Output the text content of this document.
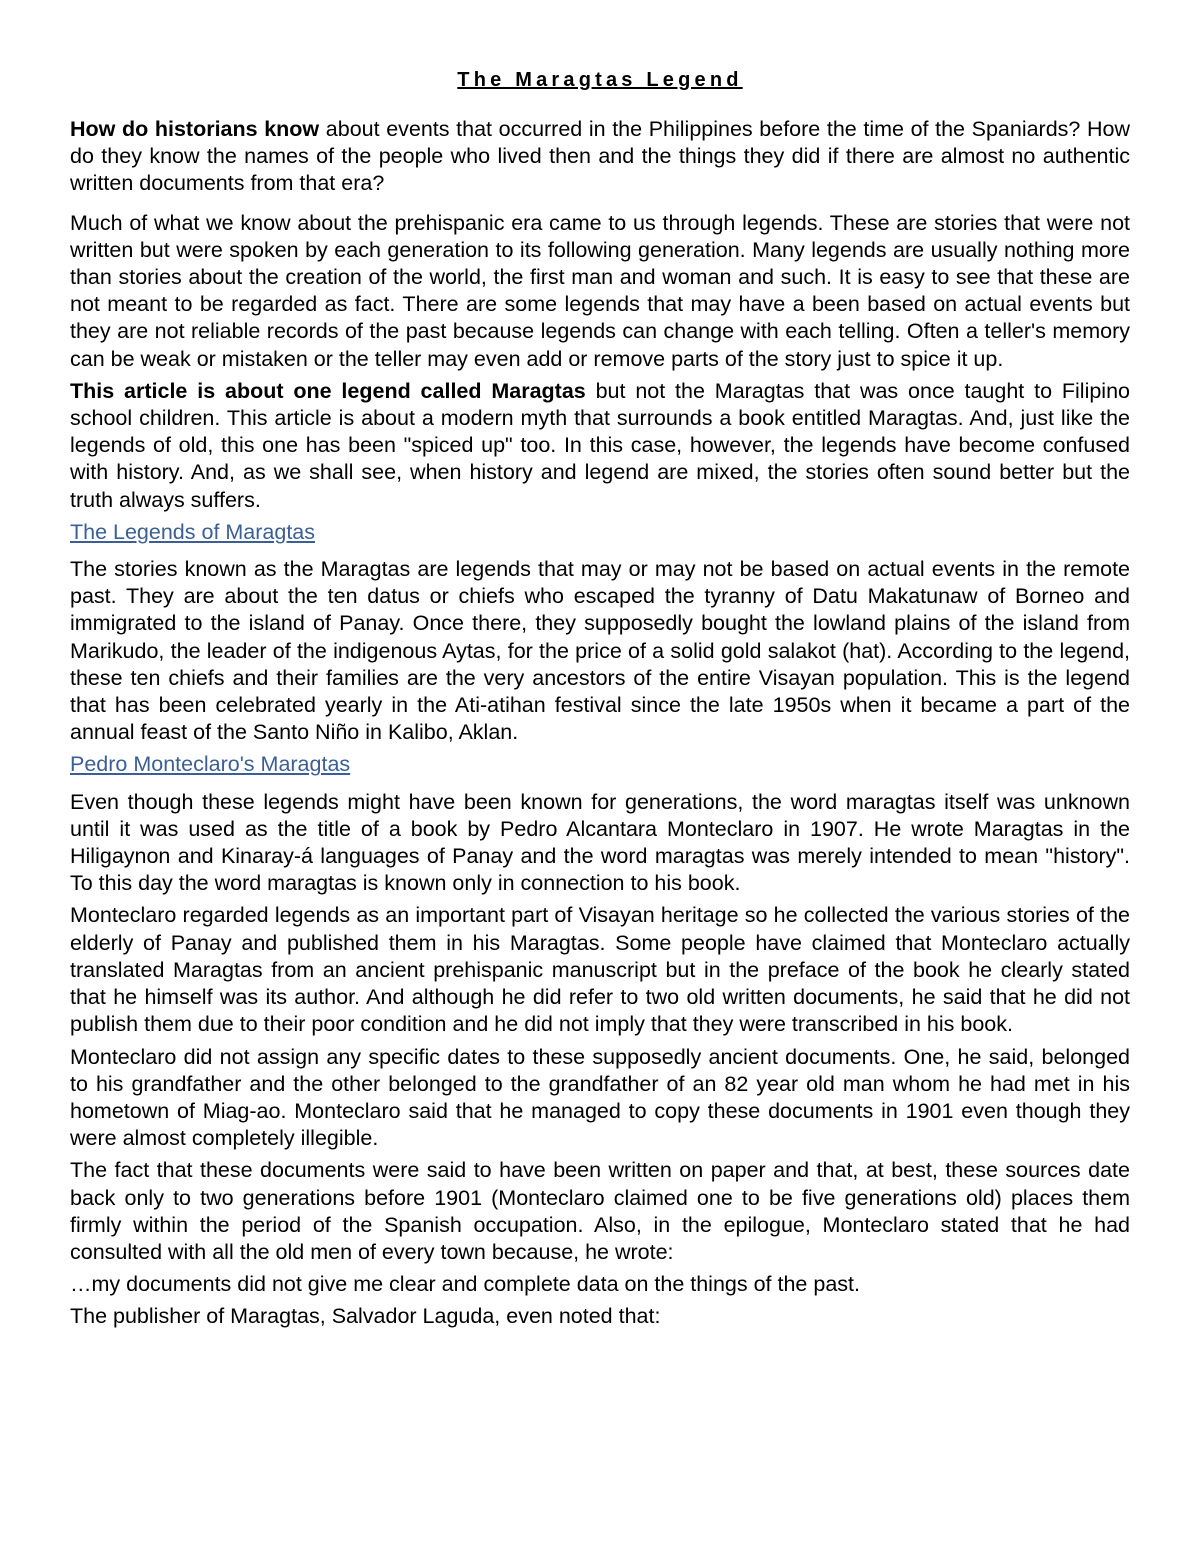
The Maragtas Legend

How do historians know about events that occurred in the Philippines before the time of the Spaniards? How do they know the names of the people who lived then and the things they did if there are almost no authentic written documents from that era?

Much of what we know about the prehispanic era came to us through legends. These are stories that were not written but were spoken by each generation to its following generation. Many legends are usually nothing more than stories about the creation of the world, the first man and woman and such. It is easy to see that these are not meant to be regarded as fact. There are some legends that may have a been based on actual events but they are not reliable records of the past because legends can change with each telling. Often a teller's memory can be weak or mistaken or the teller may even add or remove parts of the story just to spice it up.

This article is about one legend called Maragtas but not the Maragtas that was once taught to Filipino school children. This article is about a modern myth that surrounds a book entitled Maragtas. And, just like the legends of old, this one has been "spiced up" too. In this case, however, the legends have become confused with history. And, as we shall see, when history and legend are mixed, the stories often sound better but the truth always suffers.

The Legends of Maragtas

The stories known as the Maragtas are legends that may or may not be based on actual events in the remote past. They are about the ten datus or chiefs who escaped the tyranny of Datu Makatunaw of Borneo and immigrated to the island of Panay. Once there, they supposedly bought the lowland plains of the island from Marikudo, the leader of the indigenous Aytas, for the price of a solid gold salakot (hat). According to the legend, these ten chiefs and their families are the very ancestors of the entire Visayan population. This is the legend that has been celebrated yearly in the Ati-atihan festival since the late 1950s when it became a part of the annual feast of the Santo Niño in Kalibo, Aklan.

Pedro Monteclaro's Maragtas

Even though these legends might have been known for generations, the word maragtas itself was unknown until it was used as the title of a book by Pedro Alcantara Monteclaro in 1907. He wrote Maragtas in the Hiligaynon and Kinaray-á languages of Panay and the word maragtas was merely intended to mean "history". To this day the word maragtas is known only in connection to his book.

Monteclaro regarded legends as an important part of Visayan heritage so he collected the various stories of the elderly of Panay and published them in his Maragtas. Some people have claimed that Monteclaro actually translated Maragtas from an ancient prehispanic manuscript but in the preface of the book he clearly stated that he himself was its author. And although he did refer to two old written documents, he said that he did not publish them due to their poor condition and he did not imply that they were transcribed in his book.

Monteclaro did not assign any specific dates to these supposedly ancient documents. One, he said, belonged to his grandfather and the other belonged to the grandfather of an 82 year old man whom he had met in his hometown of Miag-ao. Monteclaro said that he managed to copy these documents in 1901 even though they were almost completely illegible.

The fact that these documents were said to have been written on paper and that, at best, these sources date back only to two generations before 1901 (Monteclaro claimed one to be five generations old) places them firmly within the period of the Spanish occupation. Also, in the epilogue, Monteclaro stated that he had consulted with all the old men of every town because, he wrote:

…my documents did not give me clear and complete data on the things of the past.

The publisher of Maragtas, Salvador Laguda, even noted that:
